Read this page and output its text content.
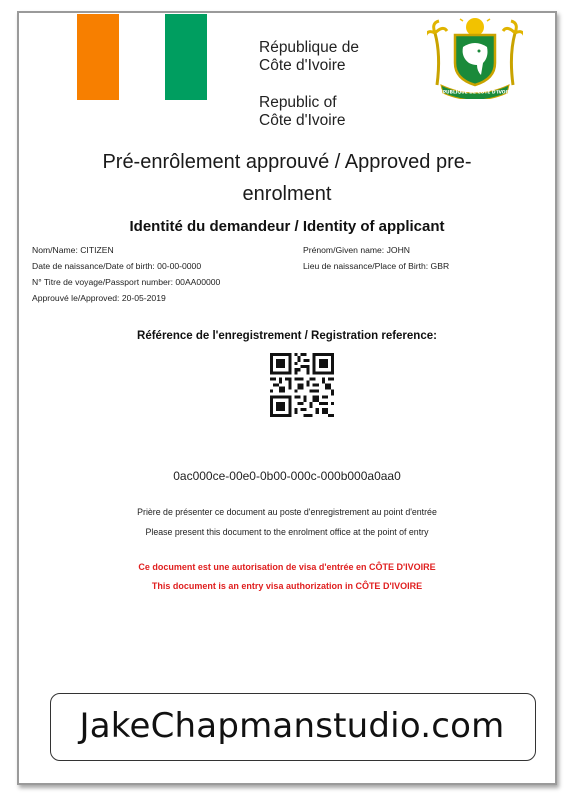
République de
Côte d'Ivoire
Republic of
Côte d'Ivoire
RÉPUBLIQUE DE CÔTE D'IVOIRE
Pré-enrôlement approuvé / Approved pre-
enrolment
Identité du demandeur / Identity of applicant
Nom/Name: CITIZEN
Date de naissance/Date of birth: 00-00-0000
N° Titre de voyage/Passport number: 00AA00000
Approuvé le/Approved: 20-05-2019
Prénom/Given name: JOHN
Lieu de naissance/Place of Birth: GBR
Référence de l'enregistrement / Registration reference:
0ac000ce-00e0-0b00-000c-000b000a0aa0
Prière de présenter ce document au poste d'enregistrement au point d'entrée
Please present this document to the enrolment office at the point of entry
Ce document est une autorisation de visa d'entrée en CÔTE D'IVOIRE
This document is an entry visa authorization in CÔTE D'IVOIRE
JakeChapmanstudio.com
